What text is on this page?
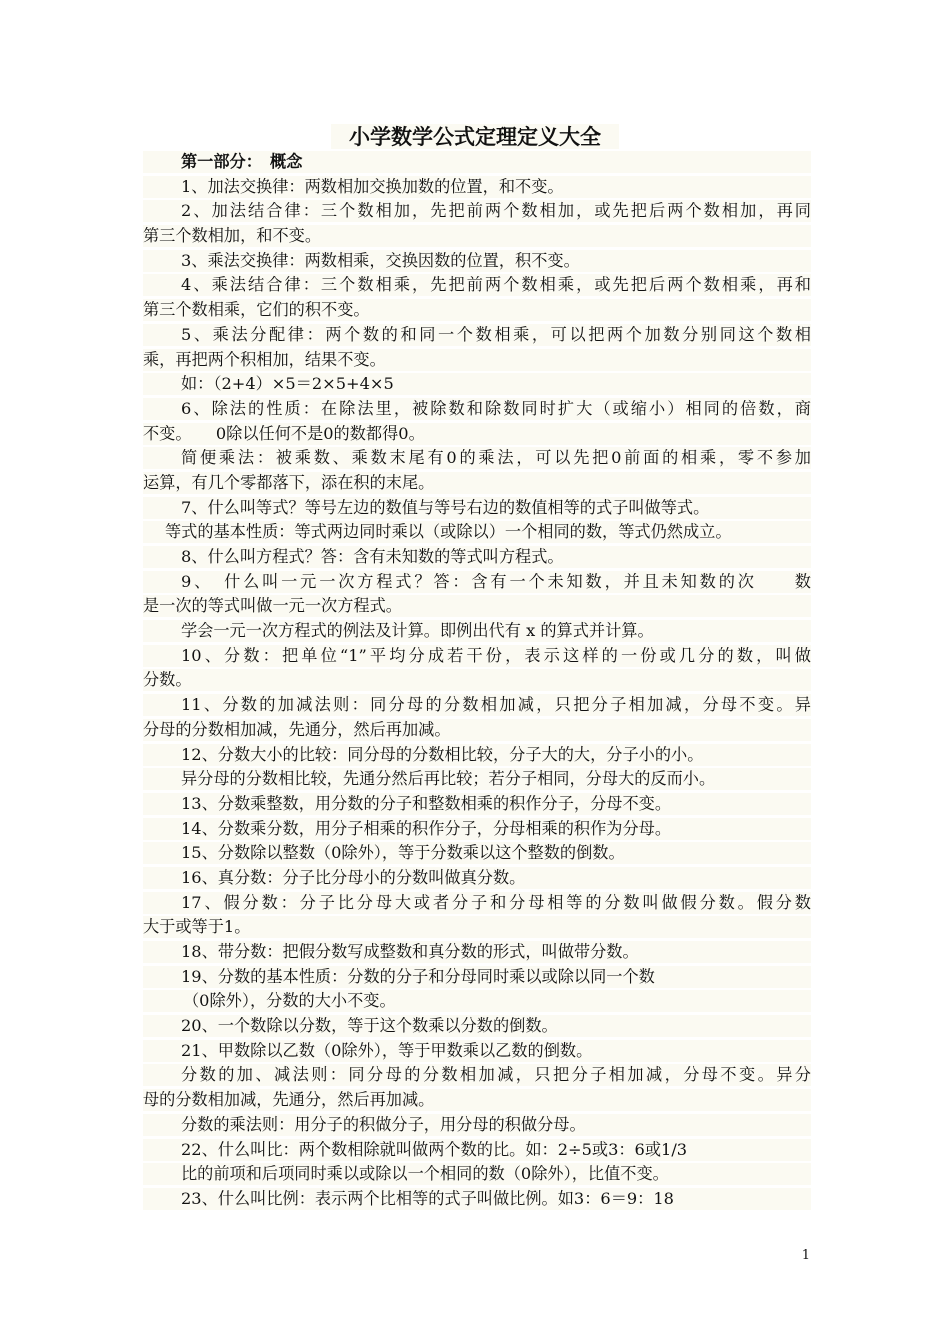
小学数学公式定理定义大全
第一部分：　概念
1、加法交换律：两数相加交换加数的位置，和不变。
2、加法结合律：三个数相加，先把前两个数相加，或先把后两个数相加，再同
第三个数相加，和不变。
3、乘法交换律：两数相乘，交换因数的位置，积不变。
4、乘法结合律：三个数相乘，先把前两个数相乘，或先把后两个数相乘，再和
第三个数相乘，它们的积不变。
5、乘法分配律：两个数的和同一个数相乘，可以把两个加数分别同这个数相
乘，再把两个积相加，结果不变。
如：（2+4）×5＝2×5+4×5
6、除法的性质：在除法里，被除数和除数同时扩大（或缩小）相同的倍数，商
不变。　　0除以任何不是0的数都得0。
简便乘法：被乘数、乘数末尾有0的乘法，可以先把0前面的相乘，零不参加
运算，有几个零都落下，添在积的末尾。
7、什么叫等式？等号左边的数值与等号右边的数值相等的式子叫做等式。
等式的基本性质：等式两边同时乘以（或除以）一个相同的数，等式仍然成立。
8、什么叫方程式？答：含有未知数的等式叫方程式。
9、　什么叫一元一次方程式？答：含有一个未知数，并且未知数的次　　数
是一次的等式叫做一元一次方程式。
学会一元一次方程式的例法及计算。即例出代有 x 的算式并计算。
10、分数：把单位“1”平均分成若干份，表示这样的一份或几分的数，叫做
分数。
11、分数的加减法则：同分母的分数相加减，只把分子相加减，分母不变。异
分母的分数相加减，先通分，然后再加减。
12、分数大小的比较：同分母的分数相比较，分子大的大，分子小的小。
异分母的分数相比较，先通分然后再比较；若分子相同，分母大的反而小。
13、分数乘整数，用分数的分子和整数相乘的积作分子，分母不变。
14、分数乘分数，用分子相乘的积作分子，分母相乘的积作为分母。
15、分数除以整数（0除外），等于分数乘以这个整数的倒数。
16、真分数：分子比分母小的分数叫做真分数。
17、假分数：分子比分母大或者分子和分母相等的分数叫做假分数。假分数
大于或等于1。
18、带分数：把假分数写成整数和真分数的形式，叫做带分数。
19、分数的基本性质：分数的分子和分母同时乘以或除以同一个数
（0除外），分数的大小不变。
20、一个数除以分数，等于这个数乘以分数的倒数。
21、甲数除以乙数（0除外），等于甲数乘以乙数的倒数。
分数的加、减法则：同分母的分数相加减，只把分子相加减，分母不变。异分
母的分数相加减，先通分，然后再加减。
分数的乘法则：用分子的积做分子，用分母的积做分母。
22、什么叫比：两个数相除就叫做两个数的比。如：2÷5或3：6或1/3
比的前项和后项同时乘以或除以一个相同的数（0除外），比值不变。
23、什么叫比例：表示两个比相等的式子叫做比例。如3：6＝9：18
1
